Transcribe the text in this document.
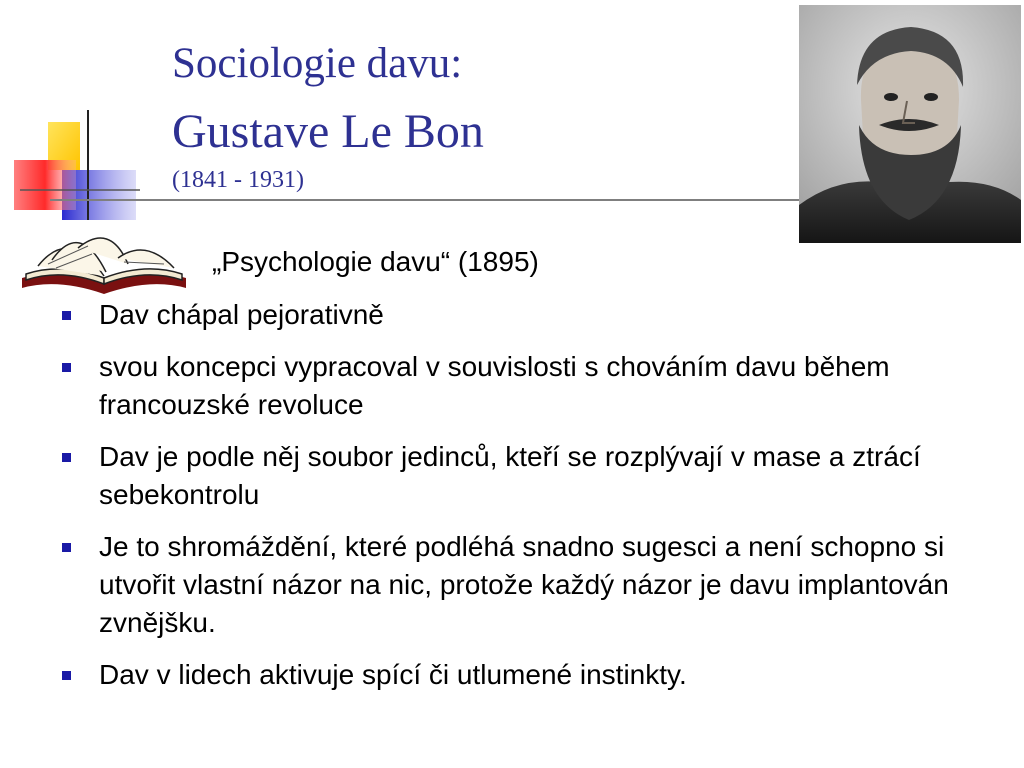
Sociologie davu:
Gustave Le Bon
(1841 - 1931)
„Psychologie davu“ (1895)
Dav chápal pejorativně
svou koncepci vypracoval v souvislosti s chováním davu během francouzské revoluce
Dav je podle něj soubor jedinců, kteří se rozplývají v mase a ztrácí sebekontrolu
Je to shromáždění, které podléhá snadno sugesci a není schopno si utvořit vlastní názor na nic, protože každý názor je davu implantován zvnějšku.
Dav v lidech aktivuje spící či utlumené instinkty.
